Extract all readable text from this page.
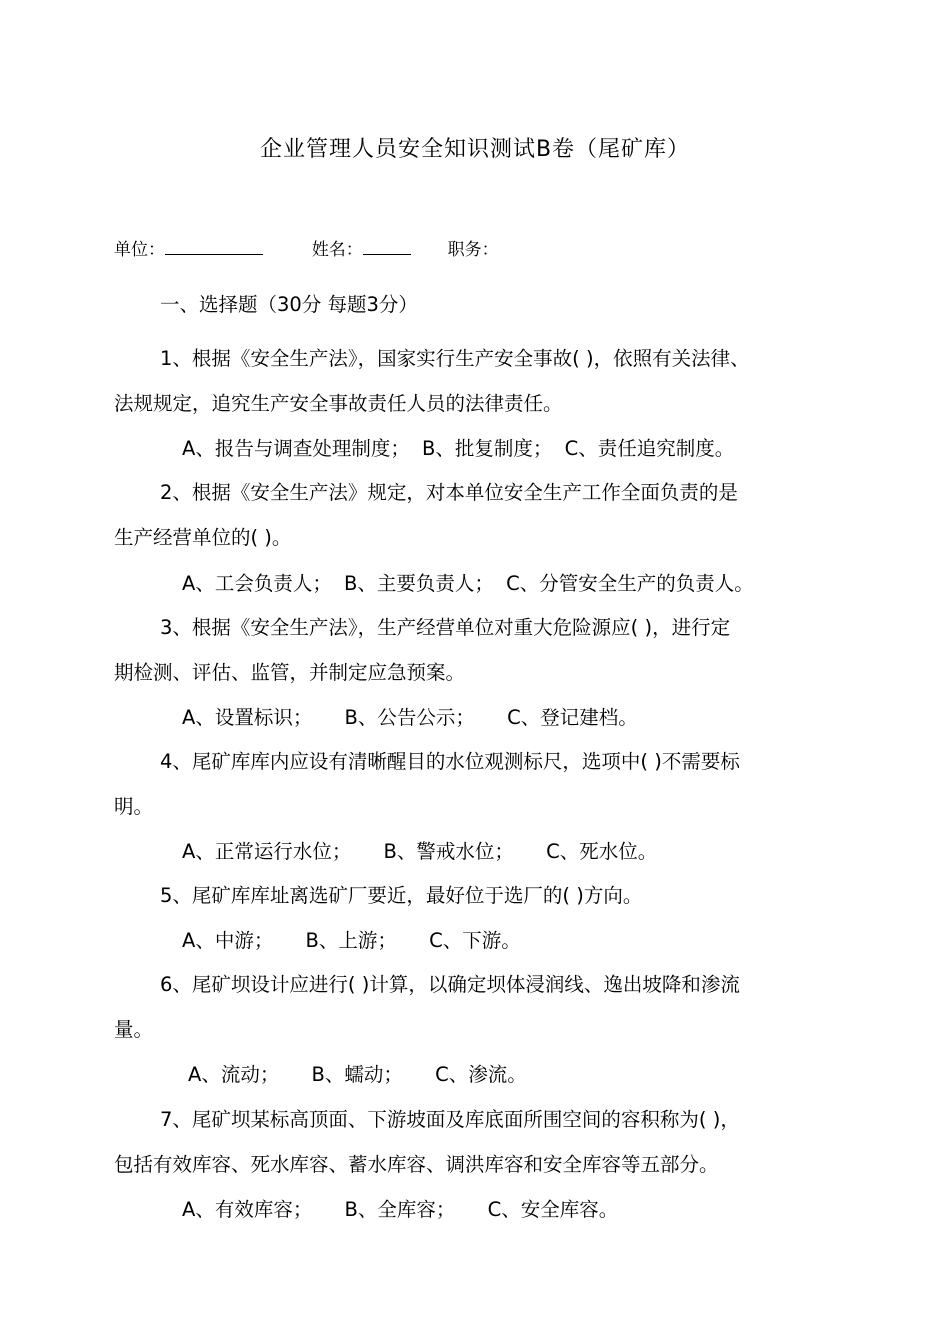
企业管理人员安全知识测试B卷（尾矿库）
单位：	姓名：	职务：
一、选择题（30分 每题3分）
1、根据《安全生产法》，国家实行生产安全事故( )，依照有关法律、
法规规定，追究生产安全事故责任人员的法律责任。
A、报告与调查处理制度； B、批复制度； C、责任追究制度。
2、根据《安全生产法》规定，对本单位安全生产工作全面负责的是
生产经营单位的( )。
A、工会负责人； B、主要负责人； C、分管安全生产的负责人。
3、根据《安全生产法》，生产经营单位对重大危险源应( )，进行定
期检测、评估、监管，并制定应急预案。
A、设置标识； B、公告公示； C、登记建档。
4、尾矿库库内应设有清晰醒目的水位观测标尺，选项中( )不需要标
明。
A、正常运行水位； B、警戒水位； C、死水位。
5、尾矿库库址离选矿厂要近，最好位于选厂的( )方向。
A、中游； B、上游； C、下游。
6、尾矿坝设计应进行( )计算，以确定坝体浸润线、逸出坡降和渗流
量。
A、流动； B、蠕动； C、渗流。
7、尾矿坝某标高顶面、下游坡面及库底面所围空间的容积称为( )，
包括有效库容、死水库容、蓄水库容、调洪库容和安全库容等五部分。
A、有效库容； B、全库容； C、安全库容。
